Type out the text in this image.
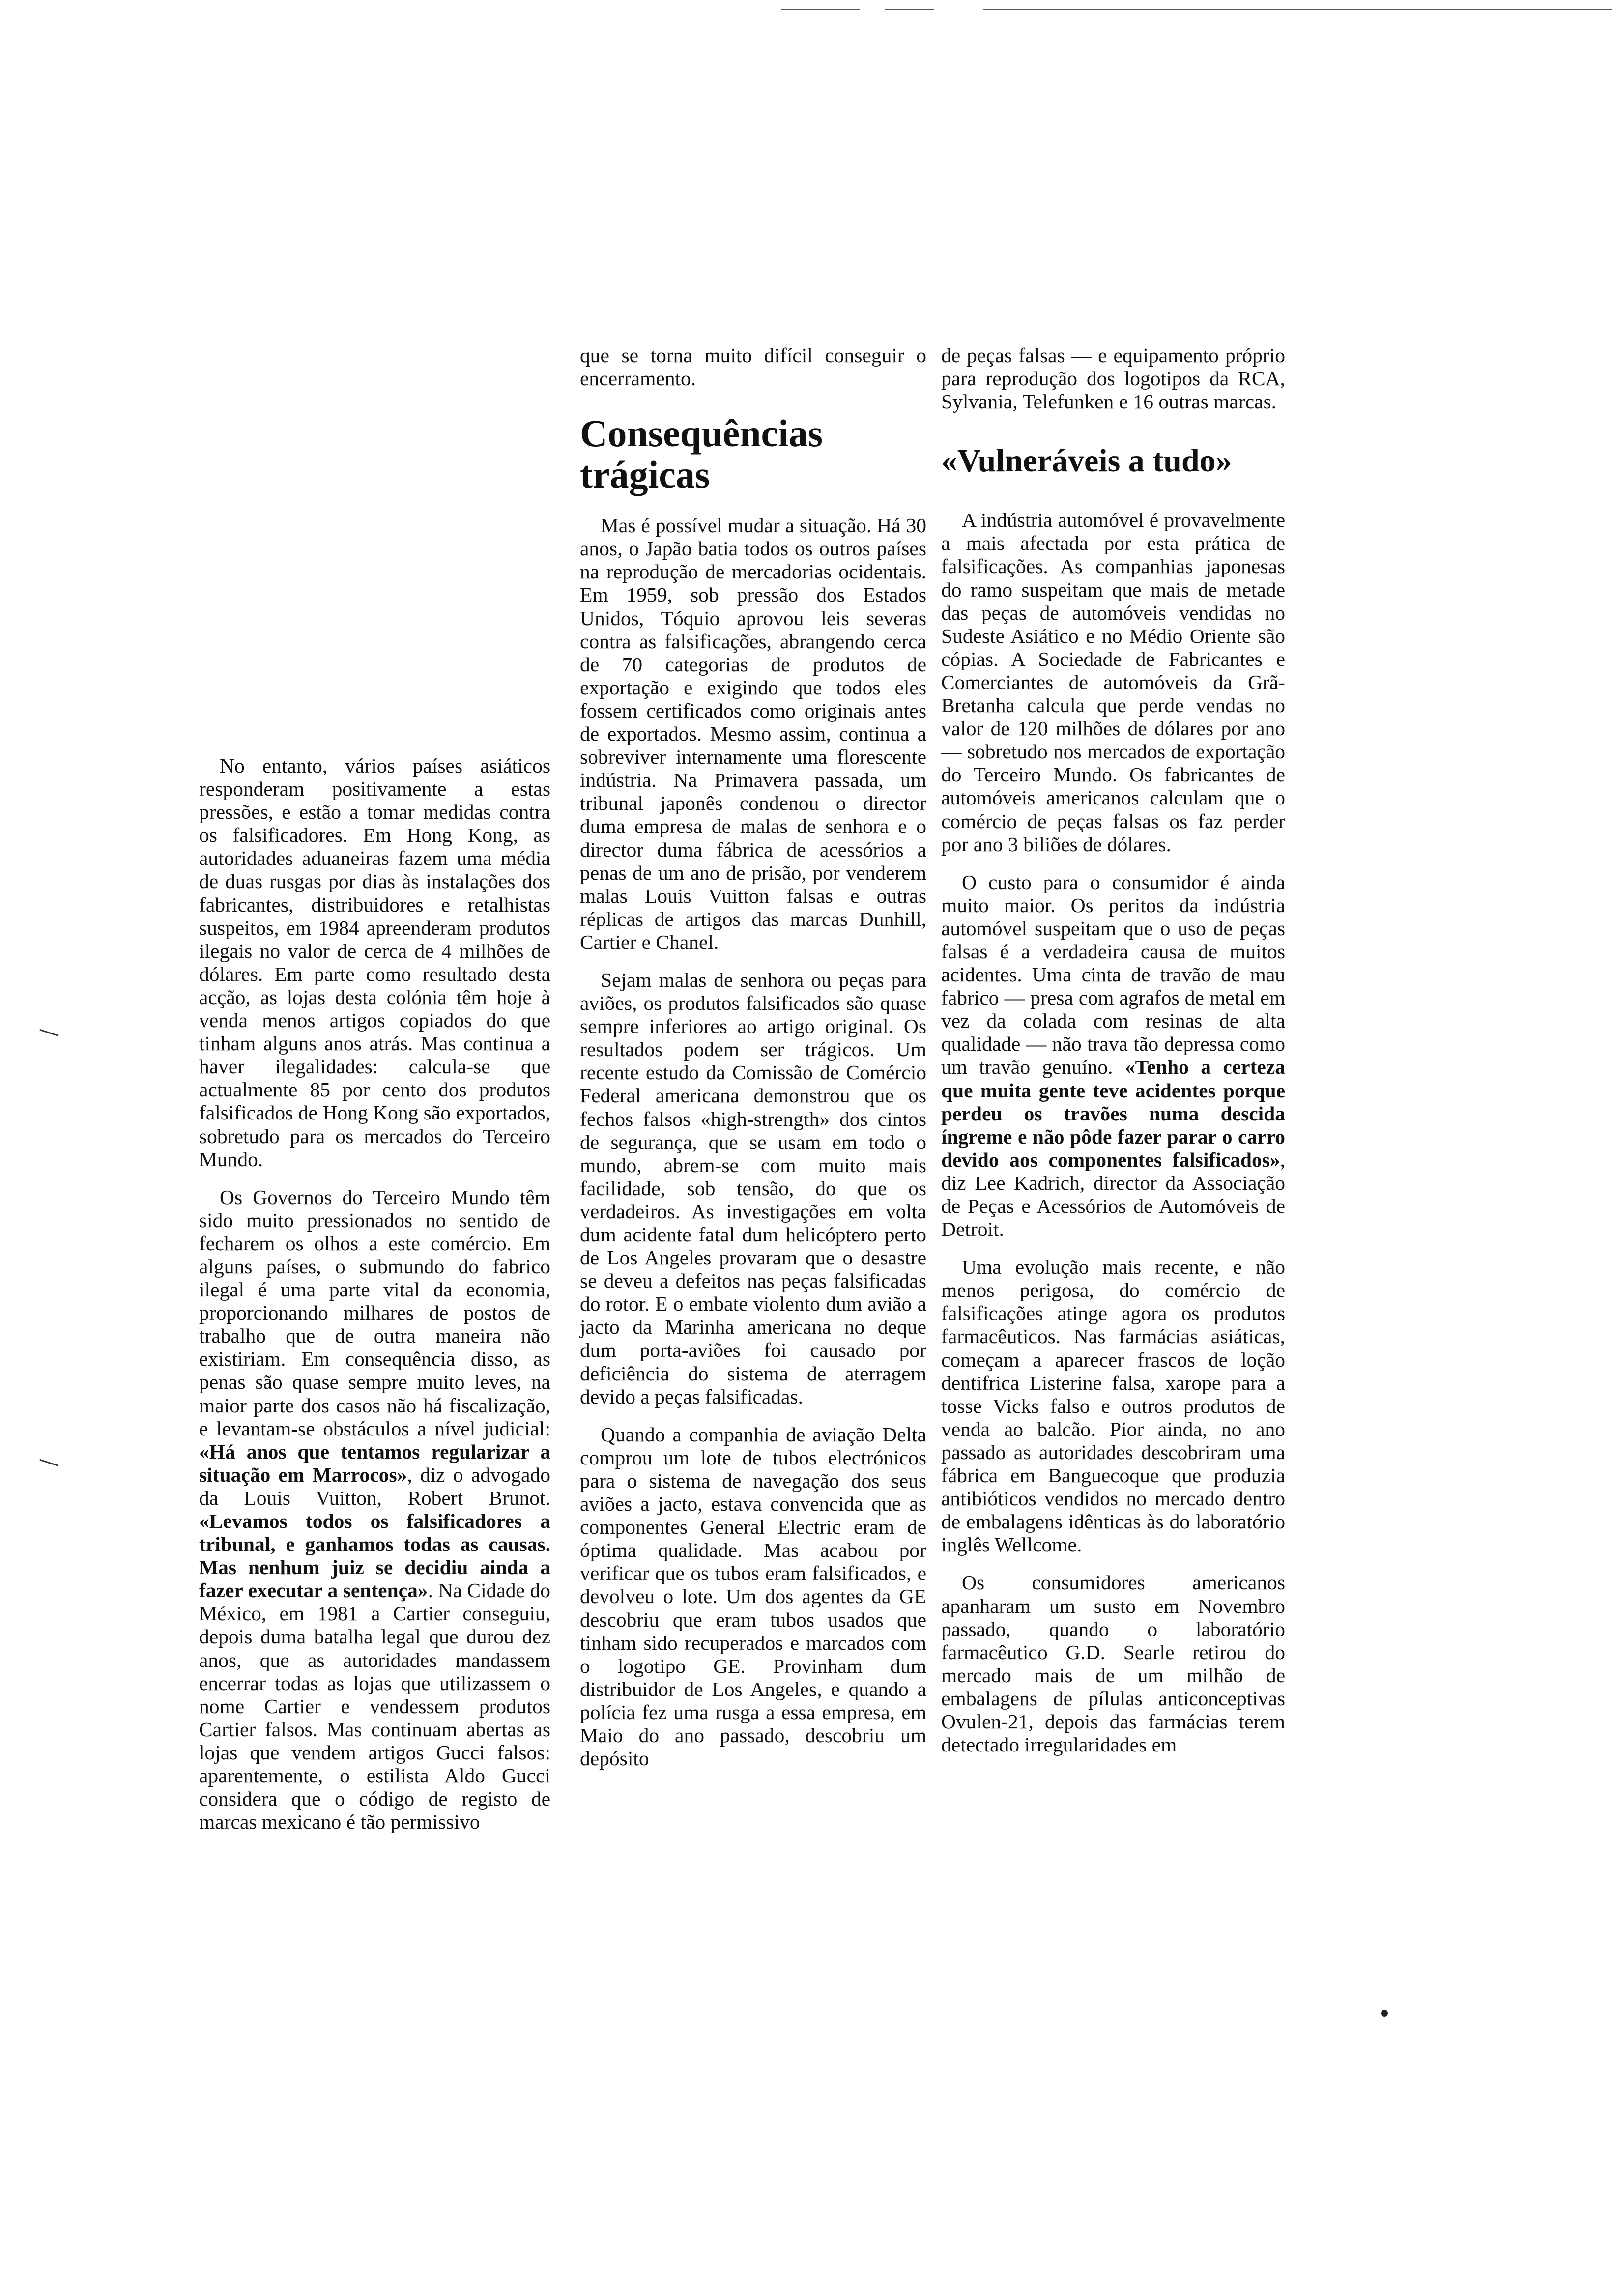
No entanto, vários países asiáticos responderam positivamente a estas pressões, e estão a tomar medidas contra os falsificadores. Em Hong Kong, as autoridades aduaneiras fazem uma média de duas rusgas por dias às instalações dos fabricantes, distribuidores e retalhistas suspeitos, em 1984 apreenderam produtos ilegais no valor de cerca de 4 milhões de dólares. Em parte como resultado desta acção, as lojas desta colónia têm hoje à venda menos artigos copiados do que tinham alguns anos atrás. Mas continua a haver ilegalidades: calcula-se que actualmente 85 por cento dos produtos falsificados de Hong Kong são exportados, sobretudo para os mercados do Terceiro Mundo.

Os Governos do Terceiro Mundo têm sido muito pressionados no sentido de fecharem os olhos a este comércio. Em alguns países, o submundo do fabrico ilegal é uma parte vital da economia, proporcionando milhares de postos de trabalho que de outra maneira não existiriam. Em consequência disso, as penas são quase sempre muito leves, na maior parte dos casos não há fiscalização, e levantam-se obstáculos a nível judicial: «Há anos que tentamos regularizar a situação em Marrocos», diz o advogado da Louis Vuitton, Robert Brunot. «Levamos todos os falsificadores a tribunal, e ganhamos todas as causas. Mas nenhum juiz se decidiu ainda a fazer executar a sentença». Na Cidade do México, em 1981 a Cartier conseguiu, depois duma batalha legal que durou dez anos, que as autoridades mandassem encerrar todas as lojas que utilizassem o nome Cartier e vendessem produtos Cartier falsos. Mas continuam abertas as lojas que vendem artigos Gucci falsos: aparentemente, o estilista Aldo Gucci considera que o código de registo de marcas mexicano é tão permissivo

que se torna muito difícil conseguir o encerramento.

Consequências trágicas

Mas é possível mudar a situação. Há 30 anos, o Japão batia todos os outros países na reprodução de mercadorias ocidentais. Em 1959, sob pressão dos Estados Unidos, Tóquio aprovou leis severas contra as falsificações, abrangendo cerca de 70 categorias de produtos de exportação e exigindo que todos eles fossem certificados como originais antes de exportados. Mesmo assim, continua a sobreviver internamente uma florescente indústria. Na Primavera passada, um tribunal japonês condenou o director duma empresa de malas de senhora e o director duma fábrica de acessórios a penas de um ano de prisão, por venderem malas Louis Vuitton falsas e outras réplicas de artigos das marcas Dunhill, Cartier e Chanel.

Sejam malas de senhora ou peças para aviões, os produtos falsificados são quase sempre inferiores ao artigo original. Os resultados podem ser trágicos. Um recente estudo da Comissão de Comércio Federal americana demonstrou que os fechos falsos «high-strength» dos cintos de segurança, que se usam em todo o mundo, abrem-se com muito mais facilidade, sob tensão, do que os verdadeiros. As investigações em volta dum acidente fatal dum helicóptero perto de Los Angeles provaram que o desastre se deveu a defeitos nas peças falsificadas do rotor. E o embate violento dum avião a jacto da Marinha americana no deque dum porta-aviões foi causado por deficiência do sistema de aterragem devido a peças falsificadas.

Quando a companhia de aviação Delta comprou um lote de tubos electrónicos para o sistema de navegação dos seus aviões a jacto, estava convencida que as componentes General Electric eram de óptima qualidade. Mas acabou por verificar que os tubos eram falsificados, e devolveu o lote. Um dos agentes da GE descobriu que eram tubos usados que tinham sido recuperados e marcados com o logotipo GE. Provinham dum distribuidor de Los Angeles, e quando a polícia fez uma rusga a essa empresa, em Maio do ano passado, descobriu um depósito

de peças falsas — e equipamento próprio para reprodução dos logotipos da RCA, Sylvania, Telefunken e 16 outras marcas.

«Vulneráveis a tudo»

A indústria automóvel é provavelmente a mais afectada por esta prática de falsificações. As companhias japonesas do ramo suspeitam que mais de metade das peças de automóveis vendidas no Sudeste Asiático e no Médio Oriente são cópias. A Sociedade de Fabricantes e Comerciantes de automóveis da Grã-Bretanha calcula que perde vendas no valor de 120 milhões de dólares por ano — sobretudo nos mercados de exportação do Terceiro Mundo. Os fabricantes de automóveis americanos calculam que o comércio de peças falsas os faz perder por ano 3 biliões de dólares.

O custo para o consumidor é ainda muito maior. Os peritos da indústria automóvel suspeitam que o uso de peças falsas é a verdadeira causa de muitos acidentes. Uma cinta de travão de mau fabrico — presa com agrafos de metal em vez da colada com resinas de alta qualidade — não trava tão depressa como um travão genuíno. «Tenho a certeza que muita gente teve acidentes porque perdeu os travões numa descida íngreme e não pôde fazer parar o carro devido aos componentes falsificados», diz Lee Kadrich, director da Associação de Peças e Acessórios de Automóveis de Detroit.

Uma evolução mais recente, e não menos perigosa, do comércio de falsificações atinge agora os produtos farmacêuticos. Nas farmácias asiáticas, começam a aparecer frascos de loção dentifrica Listerine falsa, xarope para a tosse Vicks falso e outros produtos de venda ao balcão. Pior ainda, no ano passado as autoridades descobriram uma fábrica em Banguecoque que produzia antibióticos vendidos no mercado dentro de embalagens idênticas às do laboratório inglês Wellcome.

Os consumidores americanos apanharam um susto em Novembro passado, quando o laboratório farmacêutico G.D. Searle retirou do mercado mais de um milhão de embalagens de pílulas anticonceptivas Ovulen-21, depois das farmácias terem detectado irregularidades em
